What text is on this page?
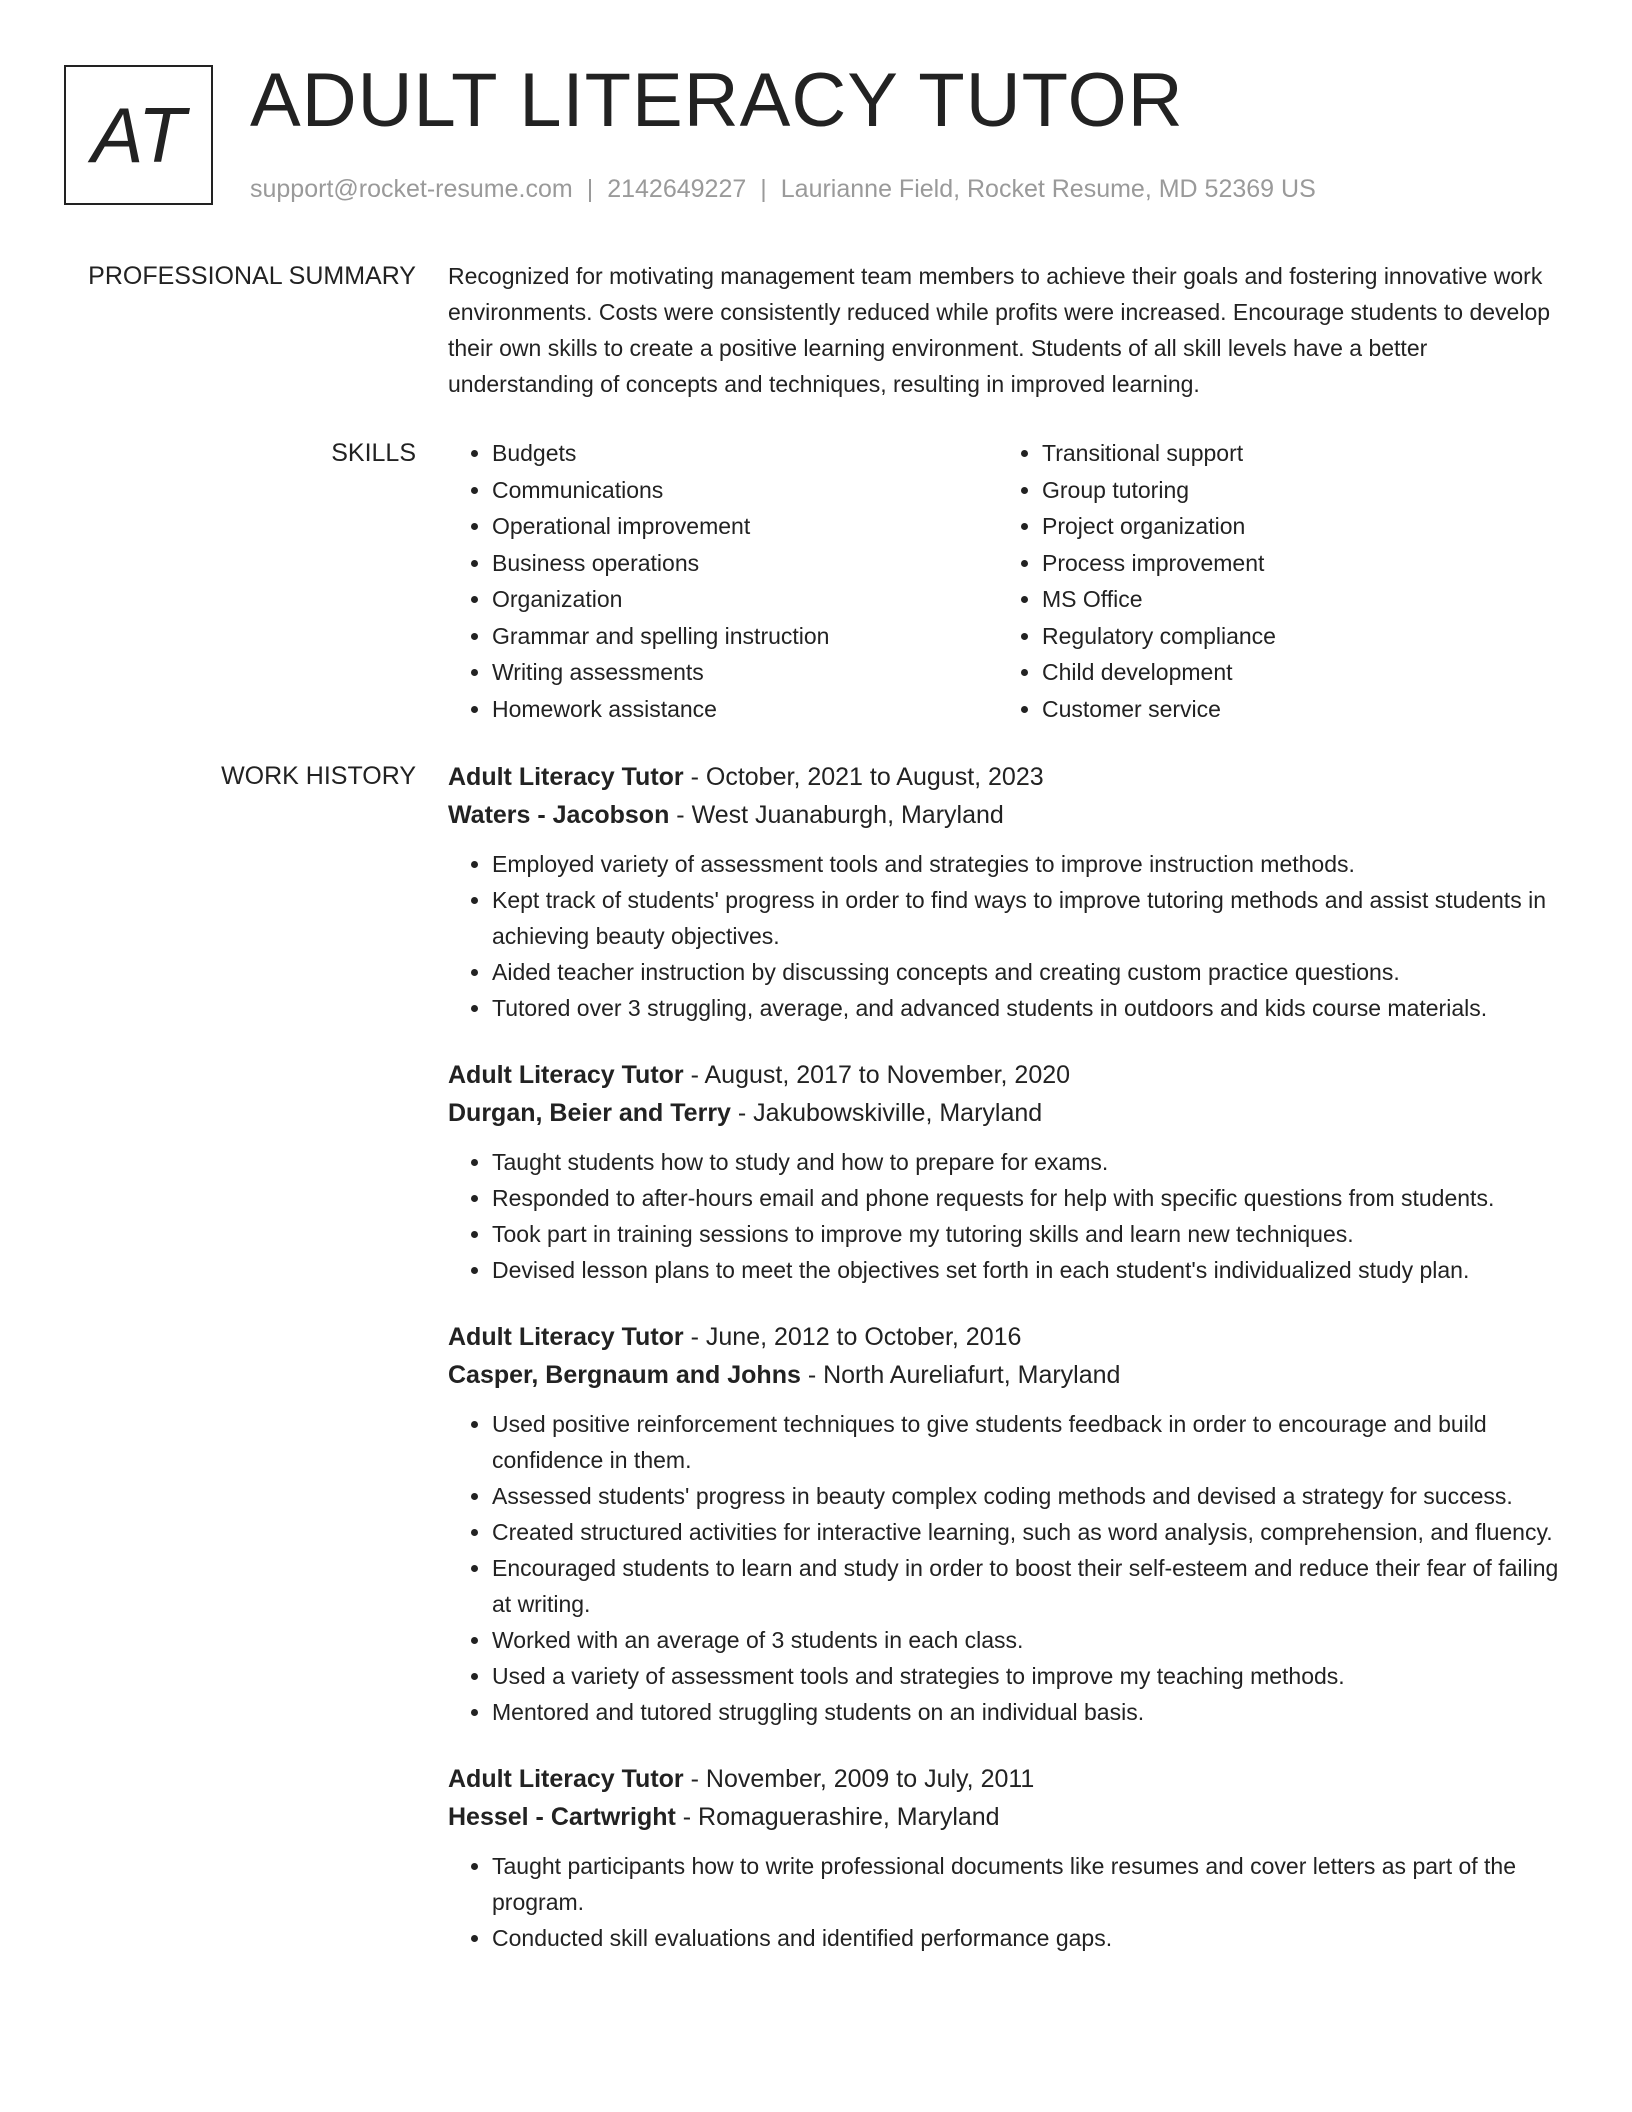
AT ADULT LITERACY TUTOR
support@rocket-resume.com | 2142649227 | Laurianne Field, Rocket Resume, MD 52369 US
PROFESSIONAL SUMMARY Recognized for motivating management team members to achieve their goals and fostering innovative work environments. Costs were consistently reduced while profits were increased. Encourage students to develop their own skills to create a positive learning environment. Students of all skill levels have a better understanding of concepts and techniques, resulting in improved learning.

SKILLS
•	Budgets
• Communications
• Operational improvement
• Business operations
• Organization
• Grammar and spelling instruction
• Writing assessments
• Homework assistance
• Transitional support
• Group tutoring
• Project organization
• Process improvement
• MS Office
• Regulatory compliance
• Child development
• Customer service
WORK HISTORY Adult Literacy Tutor - October, 2021 to August, 2023
Waters - Jacobson - West Juanaburgh, Maryland
• Employed variety of assessment tools and strategies to improve instruction methods.
• Kept track of students' progress in order to find ways to improve tutoring methods and assist students in achieving beauty objectives.
• Aided teacher instruction by discussing concepts and creating custom practice questions.
• Tutored over 3 struggling, average, and advanced students in outdoors and kids course materials.
Adult Literacy Tutor - August, 2017 to November, 2020
Durgan, Beier and Terry - Jakubowskiville, Maryland
• Taught students how to study and how to prepare for exams.
• Responded to after-hours email and phone requests for help with specific questions from students.
• Took part in training sessions to improve my tutoring skills and learn new techniques.
• Devised lesson plans to meet the objectives set forth in each student's individualized study plan.
Adult Literacy Tutor - June, 2012 to October, 2016
Casper, Bergnaum and Johns - North Aureliafurt, Maryland
• Used positive reinforcement techniques to give students feedback in order to encourage and build confidence in them.
• Assessed students' progress in beauty complex coding methods and devised a strategy for success.
• Created structured activities for interactive learning, such as word analysis, comprehension, and fluency.
• Encouraged students to learn and study in order to boost their self-esteem and reduce their fear of failing at writing.
• Worked with an average of 3 students in each class.
• Used a variety of assessment tools and strategies to improve my teaching methods.
• Mentored and tutored struggling students on an individual basis.
Adult Literacy Tutor - November, 2009 to July, 2011
Hessel - Cartwright - Romaguerashire, Maryland
• Taught participants how to write professional documents like resumes and cover letters as part of the program.
• Conducted skill evaluations and identified performance gaps.
